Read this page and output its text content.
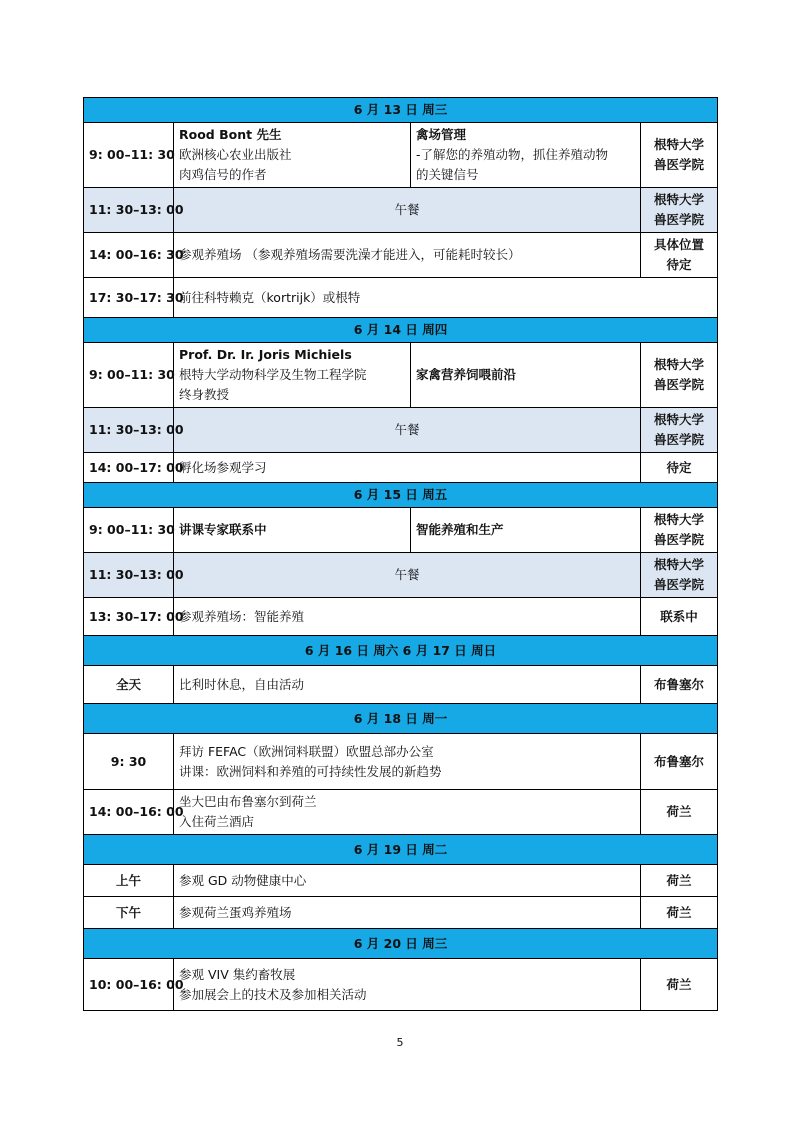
6 月 13 日 周三			
9: 00–11: 30	Rood Bont 先生
欧洲核心农业出版社
肉鸡信号的作者	禽场管理
-了解您的养殖动物，抓住养殖动物
的关键信号	根特大学
兽医学院

11: 30–13: 00	午餐		根特大学
兽医学院

14: 00–16: 30	参观养殖场 （参观养殖场需要洗澡才能进入，可能耗时较长）		具体位置
待定

17: 30–17: 30	前往科特赖克（kortrijk）或根特		
6 月 14 日 周四			
9: 00–11: 30	Prof. Dr. Ir. Joris Michiels
根特大学动物科学及生物工程学院
终身教授	家禽营养饲喂前沿	根特大学
兽医学院

11: 30–13: 00	午餐		根特大学
兽医学院

14: 00–17: 00	孵化场参观学习		待定
6 月 15 日 周五			
9: 00–11: 30	讲课专家联系中	智能养殖和生产	根特大学
兽医学院

11: 30–13: 00	午餐		根特大学
兽医学院

13: 30–17: 00	参观养殖场：智能养殖		联系中
6 月 16 日 周六 6 月 17 日 周日			
全天	比利时休息，自由活动		布鲁塞尔
6 月 18 日 周一			
9: 30	拜访 FEFAC（欧洲饲料联盟）欧盟总部办公室
讲课：欧洲饲料和养殖的可持续性发展的新趋势		布鲁塞尔
14: 00–16: 00	坐大巴由布鲁塞尔到荷兰
入住荷兰酒店		荷兰
6 月 19 日 周二			
上午	参观 GD 动物健康中心		荷兰
下午	参观荷兰蛋鸡养殖场		荷兰
6 月 20 日 周三			
10: 00–16: 00	参观 VIV 集约畜牧展
参加展会上的技术及参加相关活动		荷兰
5
